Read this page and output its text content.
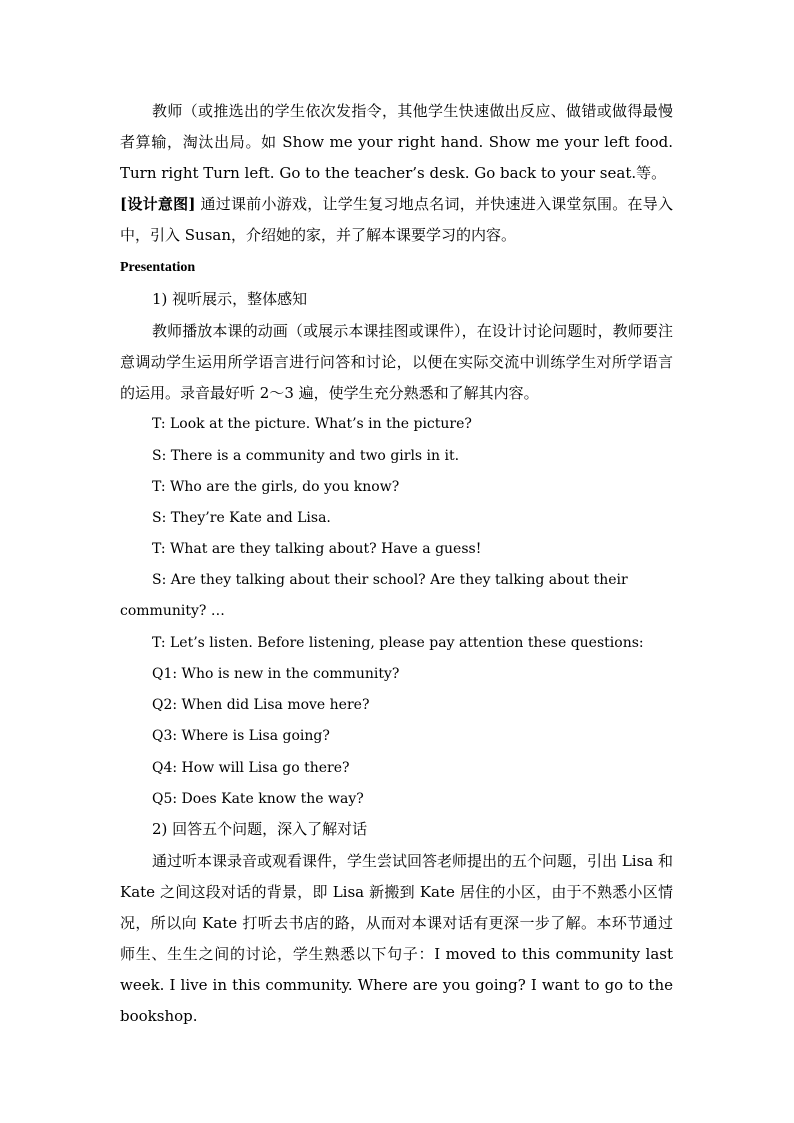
教师（或推选出的学生依次发指令，其他学生快速做出反应、做错或做得最慢者算输，淘汰出局。如 Show me your right hand. Show me your left food. Turn right Turn left. Go to the teacher’s desk. Go back to your seat.等。

[设计意图] 通过课前小游戏，让学生复习地点名词，并快速进入课堂氛围。在导入中，引入 Susan，介绍她的家，并了解本课要学习的内容。

Presentation

1) 视听展示，整体感知

教师播放本课的动画（或展示本课挂图或课件），在设计讨论问题时，教师要注意调动学生运用所学语言进行问答和讨论，以便在实际交流中训练学生对所学语言的运用。录音最好听 2～3 遍，使学生充分熟悉和了解其内容。

T: Look at the picture. What’s in the picture?

S: There is a community and two girls in it.

T: Who are the girls, do you know?

S: They’re Kate and Lisa.

T: What are they talking about? Have a guess!

S: Are they talking about their school? Are they talking about their

community? …

T: Let’s listen. Before listening, please pay attention these questions:

Q1: Who is new in the community?

Q2: When did Lisa move here?

Q3: Where is Lisa going?

Q4: How will Lisa go there?

Q5: Does Kate know the way?

2) 回答五个问题，深入了解对话

通过听本课录音或观看课件，学生尝试回答老师提出的五个问题，引出 Lisa 和 Kate 之间这段对话的背景，即 Lisa 新搬到 Kate 居住的小区，由于不熟悉小区情况，所以向 Kate 打听去书店的路，从而对本课对话有更深一步了解。本环节通过师生、生生之间的讨论，学生熟悉以下句子：I moved to this community last week. I live in this community. Where are you going? I want to go to the bookshop.
